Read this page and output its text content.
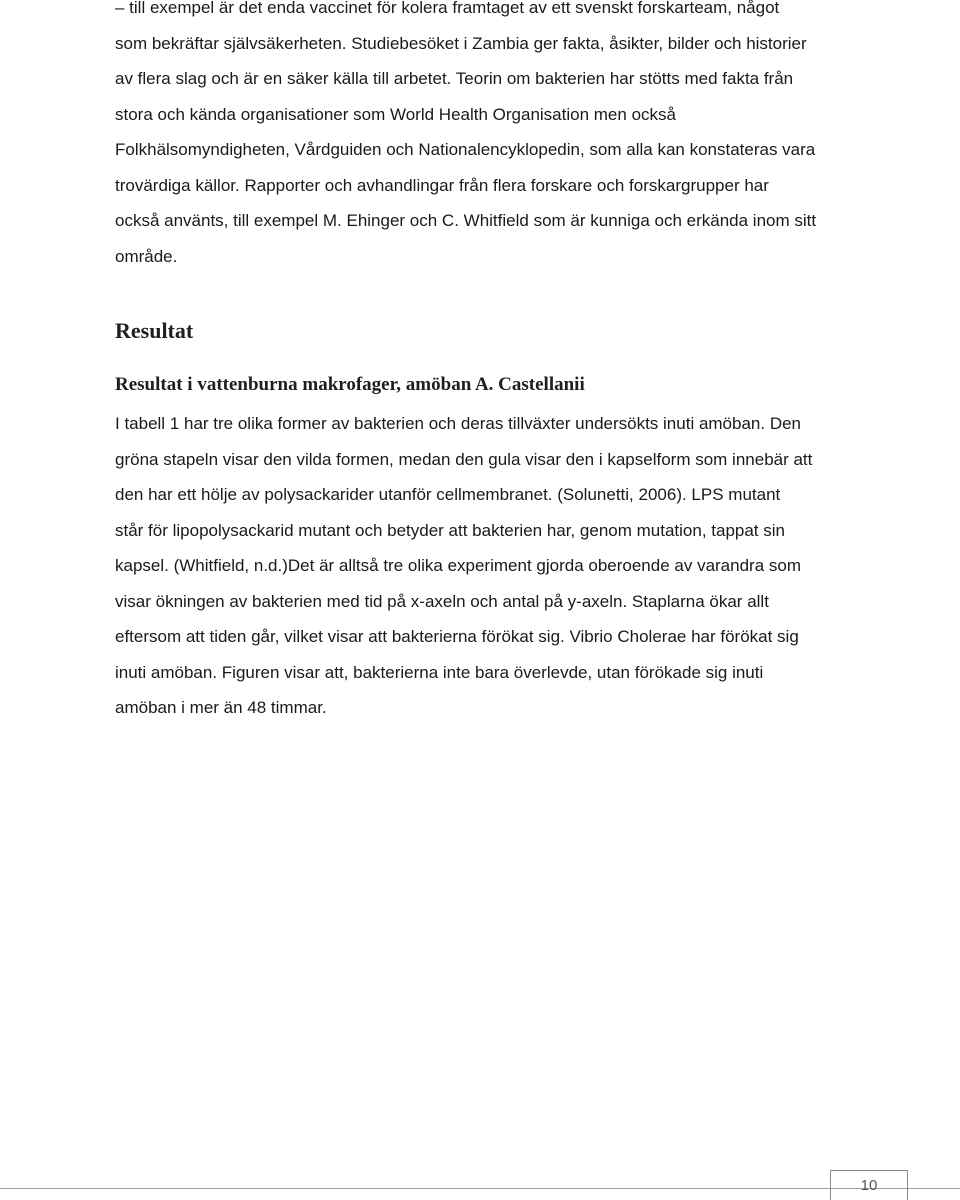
– till exempel är det enda vaccinet för kolera framtaget av ett svenskt forskarteam, något
som bekräftar självsäkerheten. Studiebesöket i Zambia ger fakta, åsikter, bilder och historier
av flera slag och är en säker källa till arbetet. Teorin om bakterien har stötts med fakta från
stora och kända organisationer som World Health Organisation men också
Folkhälsomyndigheten, Vårdguiden och Nationalencyklopedin, som alla kan konstateras vara
trovärdiga källor. Rapporter och avhandlingar från flera forskare och forskargrupper har
också använts, till exempel M. Ehinger och C. Whitfield som är kunniga och erkända inom sitt
område.

Resultat
Resultat i vattenburna makrofager, amöban A. Castellanii

I tabell 1 har tre olika former av bakterien och deras tillväxter undersökts inuti amöban. Den
gröna stapeln visar den vilda formen, medan den gula visar den i kapselform som innebär att
den har ett hölje av polysackarider utanför cellmembranet. (Solunetti, 2006). LPS mutant
står för lipopolysackarid mutant och betyder att bakterien har, genom mutation, tappat sin
kapsel. (Whitfield, n.d.)Det är alltså tre olika experiment gjorda oberoende av varandra som
visar ökningen av bakterien med tid på x-axeln och antal på y-axeln. Staplarna ökar allt
eftersom att tiden går, vilket visar att bakterierna förökat sig. Vibrio Cholerae har förökat sig
inuti amöban. Figuren visar att, bakterierna inte bara överlevde, utan förökade sig inuti
amöban i mer än 48 timmar.

10
